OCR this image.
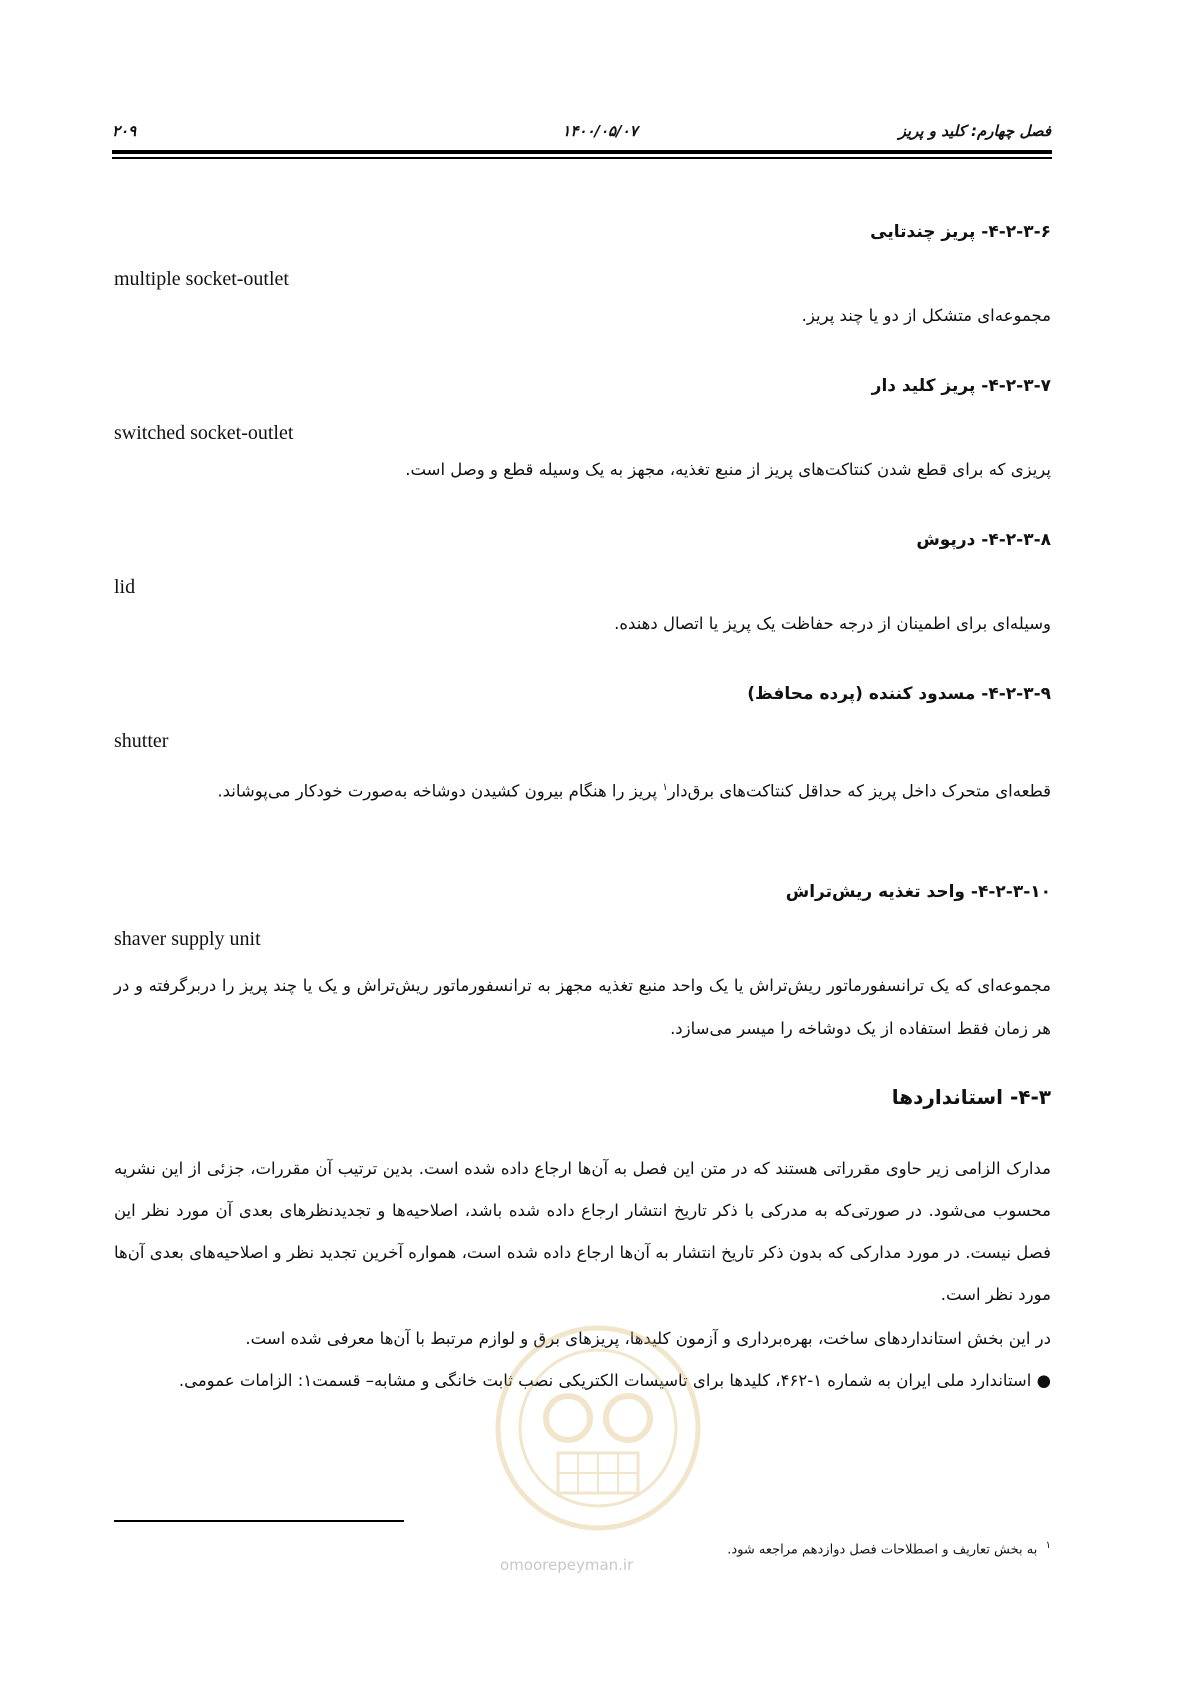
فصل چهارم: کلید و پریز
۱۴۰۰/۰۵/۰۷
۲۰۹
۴-۲-۳-۶- پریز چندتایی
multiple socket-outlet
مجموعه‌ای متشکل از دو یا چند پریز.
۴-۲-۳-۷- پریز کلید دار
switched socket-outlet
پریزی که برای قطع شدن کنتاکت‌های پریز از منبع تغذیه، مجهز به یک وسیله قطع و وصل است.
۴-۲-۳-۸- درپوش
lid
وسیله‌ای برای اطمینان از درجه حفاظت یک پریز یا اتصال دهنده.
۴-۲-۳-۹- مسدود کننده (پرده محافظ)
shutter
قطعه‌ای متحرک داخل پریز که حداقل کنتاکت‌های برق‌دار$^۱$ پریز را هنگام بیرون کشیدن دوشاخه به‌صورت خودکار می‌پوشاند.
۴-۲-۳-۱۰- واحد تغذیه ریش‌تراش
shaver supply unit
مجموعه‌ای که یک ترانسفورماتور ریش‌تراش یا یک واحد منبع تغذیه مجهز به ترانسفورماتور ریش‌تراش و یک یا چند پریز را دربرگرفته و در هر زمان فقط استفاده از یک دوشاخه را میسر می‌سازد.
۴-۳- استانداردها
مدارک الزامی زیر حاوی مقرراتی هستند که در متن این فصل به آن‌ها ارجاع داده شده است. بدین ترتیب آن مقررات، جزئی از این نشریه محسوب می‌شود. در صورتی‌که به مدرکی با ذکر تاریخ انتشار ارجاع داده شده باشد، اصلاحیه‌ها و تجدیدنظرهای بعدی آن مورد نظر این فصل نیست. در مورد مدارکی که بدون ذکر تاریخ انتشار به آن‌ها ارجاع داده شده است، همواره آخرین تجدید نظر و اصلاحیه‌های بعدی آن‌ها مورد نظر است.
در این بخش استانداردهای ساخت، بهره‌برداری و آزمون کلیدها، پریزهای برق و لوازم مرتبط با آن‌ها معرفی شده است.
● استاندارد ملی ایران به شماره ۱-۴۶۲، کلیدها برای تاسیسات الکتریکی نصب ثابت خانگی و مشابه– قسمت۱: الزامات عمومی.
$^۱$  به بخش تعاریف و اصطلاحات فصل دوازدهم مراجعه شود.
omoorepeyman.ir
